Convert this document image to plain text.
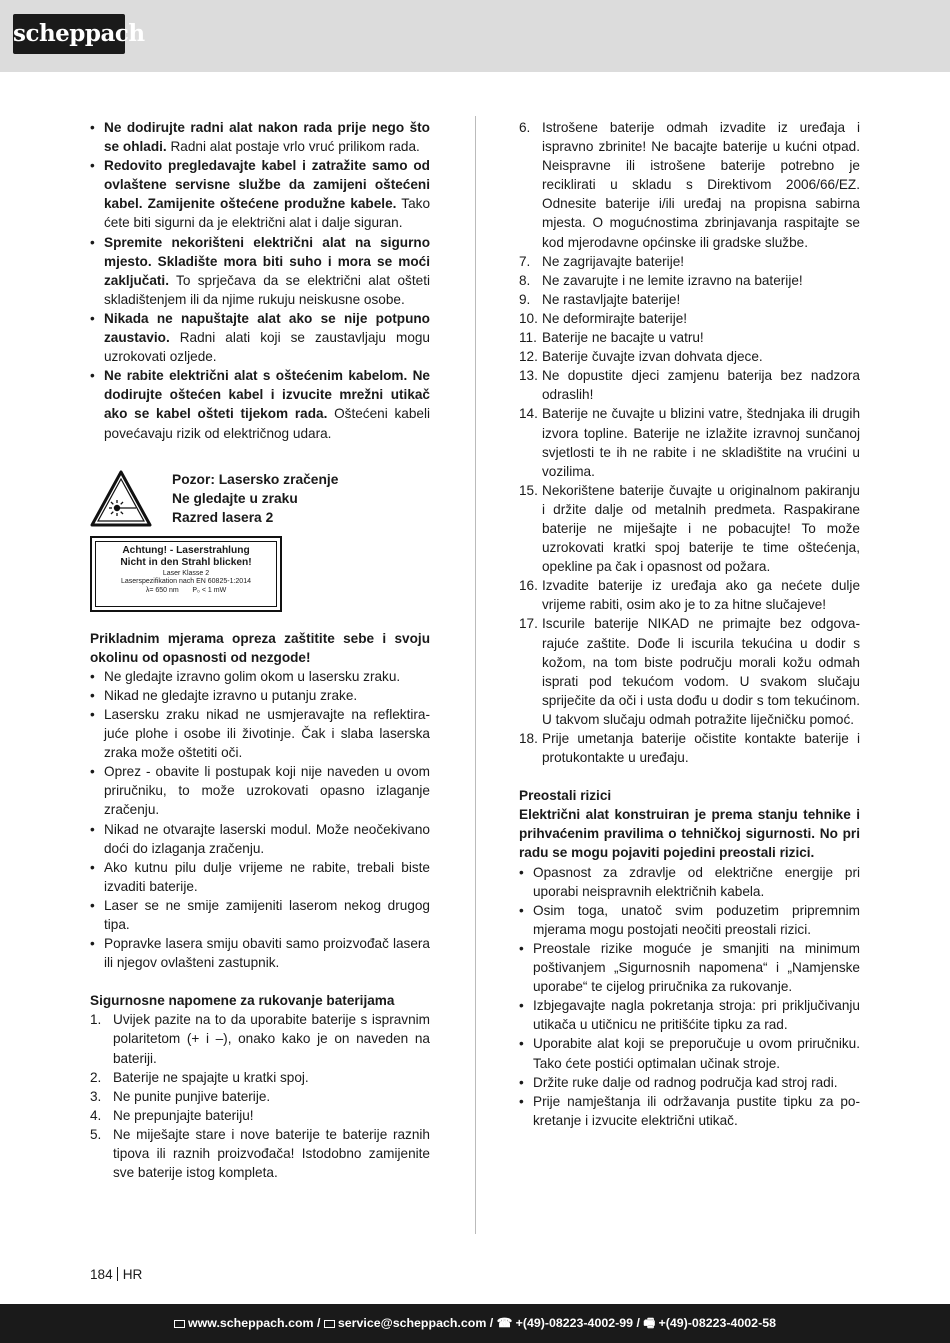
scheppach
• Ne dodirujte radni alat nakon rada prije nego što se ohladi. Radni alat postaje vrlo vruć prilikom rada.
• Redovito pregledavajte kabel i zatražite samo od ovlaštene servisne službe da zamijeni oštećeni kabel. Zamijenite oštećene produžne kabele. Tako ćete biti sigurni da je električni alat i dalje siguran.
• Spremite nekorišteni električni alat na sigurno mjesto. Skladište mora biti suho i mora se moći zaključati. To sprječava da se električni alat ošteti skladištenjem ili da njime rukuju neiskusne osobe.
• Nikada ne napuštajte alat ako se nije potpuno zaustavio. Radni alati koji se zaustavljaju mogu uzrokovati ozljede.
• Ne rabite električni alat s oštećenim kabelom. Ne dodirujte oštećen kabel i izvucite mrežni utikač ako se kabel ošteti tijekom rada. Oštećeni kabeli povećavaju rizik od električnog udara.
Pozor: Lasersko zračenje
Ne gledajte u zraku
Razred lasera 2
Achtung! - Laserstrahlung
Nicht in den Strahl blicken!
Laser Klasse 2
Laserspezifikation nach EN 60825-1:2014
λ= 650 nm P₀ < 1 mW
Prikladnim mjerama opreza zaštitite sebe i svoju okolinu od opasnosti od nezgode!
• Ne gledajte izravno golim okom u lasersku zraku.
• Nikad ne gledajte izravno u putanju zrake.
• Lasersku zraku nikad ne usmjeravajte na reflektirajuće plohe i osobe ili životinje. Čak i slaba laserska zraka može oštetiti oči.
• Oprez - obavite li postupak koji nije naveden u ovom priručniku, to može uzrokovati opasno izlaganje zračenju.
• Nikad ne otvarajte laserski modul. Može neočekivano doći do izlaganja zračenju.
• Ako kutnu pilu dulje vrijeme ne rabite, trebali biste izvaditi baterije.
• Laser se ne smije zamijeniti laserom nekog drugog tipa.
• Popravke lasera smiju obaviti samo proizvođač lasera ili njegov ovlašteni zastupnik.
Sigurnosne napomene za rukovanje baterijama
1. Uvijek pazite na to da uporabite baterije s ispravnim polaritetom (+ i –), onako kako je on naveden na bateriji.
2. Baterije ne spajajte u kratki spoj.
3. Ne punite punjive baterije.
4. Ne prepunjajte bateriju!
5. Ne miješajte stare i nove baterije te baterije raznih tipova ili raznih proizvođača! Istodobno zamijenite sve baterije istog kompleta.
6. Istrošene baterije odmah izvadite iz uređaja i ispravno zbrinite! Ne bacajte baterije u kućni otpad. Neispravne ili istrošene baterije potrebno je reciklirati u skladu s Direktivom 2006/66/EZ. Odnesite baterije i/ili uređaj na propisna sabirna mjesta. O mogućnostima zbrinjavanja raspitajte se kod mjerodavne općinske ili gradske službe.
7. Ne zagrijavajte baterije!
8. Ne zavarujte i ne lemite izravno na baterije!
9. Ne rastavljajte baterije!
10. Ne deformirajte baterije!
11. Baterije ne bacajte u vatru!
12. Baterije čuvajte izvan dohvata djece.
13. Ne dopustite djeci zamjenu baterija bez nadzora odraslih!
14. Baterije ne čuvajte u blizini vatre, štednjaka ili drugih izvora topline. Baterije ne izlažite izravnoj sunčanoj svjetlosti te ih ne rabite i ne skladištite na vrućini u vozilima.
15. Nekorištene baterije čuvajte u originalnom pakiranju i držite dalje od metalnih predmeta. Raspakirane baterije ne miješajte i ne pobacujte! To može uzrokovati kratki spoj baterije te time oštećenja, opekline pa čak i opasnost od požara.
16. Izvadite baterije iz uređaja ako ga nećete dulje vrijeme rabiti, osim ako je to za hitne slučajeve!
17. Iscurile baterije NIKAD ne primajte bez odgovarajuće zaštite. Dođe li iscurila tekućina u dodir s kožom, na tom biste području morali kožu odmah isprati pod tekućom vodom. U svakom slučaju spriječite da oči i usta dođu u dodir s tom tekućinom. U takvom slučaju odmah potražite liječničku pomoć.
18. Prije umetanja baterije očistite kontakte baterije i protukontakte u uređaju.
Preostali rizici
Električni alat konstruiran je prema stanju tehnike i prihvaćenim pravilima o tehničkoj sigurnosti. No pri radu se mogu pojaviti pojedini preostali rizici.
• Opasnost za zdravlje od električne energije pri uporabi neispravnih električnih kabela.
• Osim toga, unatoč svim poduzetim pripremnim mjerama mogu postojati neočiti preostali rizici.
• Preostale rizike moguće je smanjiti na minimum poštivanjem „Sigurnosnih napomena“ i „Namjenske uporabe“ te cijelog priručnika za rukovanje.
• Izbjegavajte nagla pokretanja stroja: pri priključivanju utikača u utičnicu ne pritišćite tipku za rad.
• Uporabite alat koji se preporučuje u ovom priručniku. Tako ćete postići optimalan učinak stroje.
• Držite ruke dalje od radnog područja kad stroj radi.
• Prije namještanja ili održavanja pustite tipku za pokretanje i izvucite električni utikač.
184 HR
www.scheppach.com / service@scheppach.com / ☎ +(49)-08223-4002-99 / 🖷 +(49)-08223-4002-58
